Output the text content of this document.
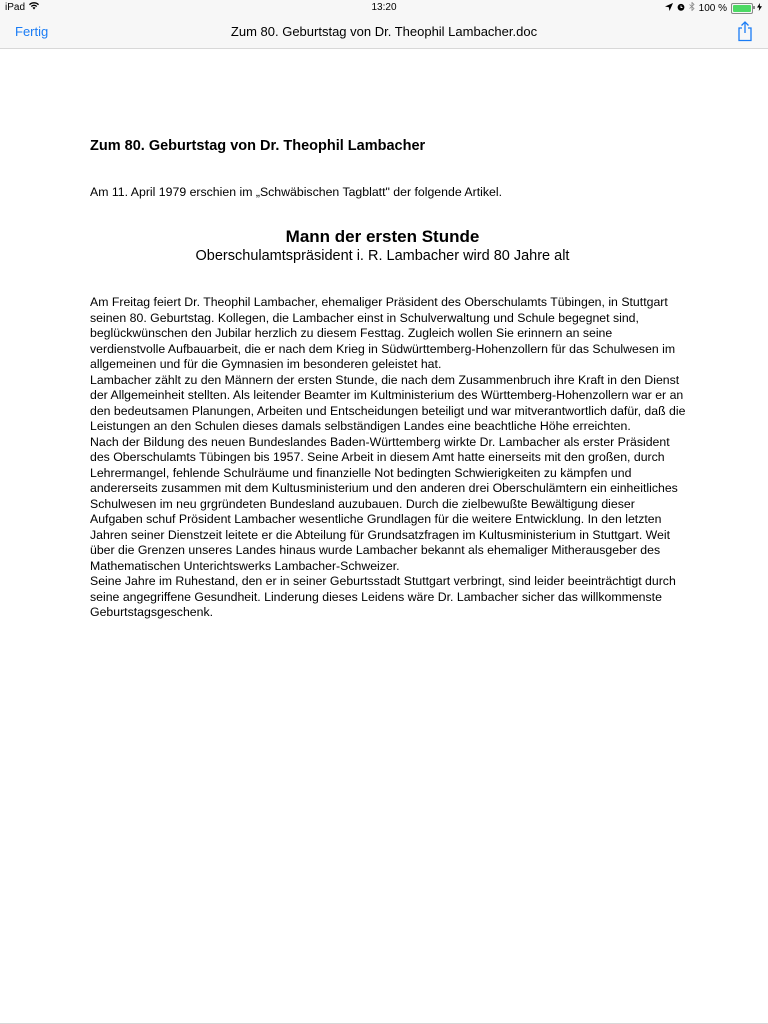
iPad	13:20	100 %
Fertig	Zum 80. Geburtstag von Dr. Theophil Lambacher.doc

Zum 80. Geburtstag von Dr. Theophil Lambacher

Am 11. April 1979 erschien im „Schwäbischen Tagblatt" der folgende Artikel.

Mann der ersten Stunde

Oberschulamtspräsident i. R. Lambacher wird 80 Jahre alt

Am Freitag feiert Dr. Theophil Lambacher, ehemaliger Präsident des Oberschulamts Tübingen, in Stuttgart seinen 80. Geburtstag. Kollegen, die Lambacher einst in Schulverwaltung und Schule begegnet sind, beglückwünschen den Jubilar herzlich zu diesem Festtag. Zugleich wollen Sie erinnern an seine verdienstvolle Aufbauarbeit, die er nach dem Krieg in Südwürttemberg-Hohenzollern für das Schulwesen im allgemeinen und für die Gymnasien im besonderen geleistet hat.

Lambacher zählt zu den Männern der ersten Stunde, die nach dem Zusammenbruch ihre Kraft in den Dienst der Allgemeinheit stellten. Als leitender Beamter im Kultministerium des Württemberg-Hohenzollern war er an den bedeutsamen Planungen, Arbeiten und Entscheidungen beteiligt und war mitverantwortlich dafür, daß die Leistungen an den Schulen dieses damals selbständigen Landes eine beachtliche Höhe erreichten.

Nach der Bildung des neuen Bundeslandes Baden-Württemberg wirkte Dr. Lambacher als erster Präsident des Oberschulamts Tübingen bis 1957. Seine Arbeit in diesem Amt hatte einerseits mit den großen, durch Lehrermangel, fehlende Schulräume und finanzielle Not bedingten Schwierigkeiten zu kämpfen und andererseits zusammen mit dem Kultusministerium und den anderen drei Oberschulämtern ein einheitliches Schulwesen im neu grgründeten Bundesland auzubauen. Durch die zielbewußte Bewältigung dieser Aufgaben schuf Prösident Lambacher wesentliche Grundlagen für die weitere Entwicklung. In den letzten Jahren seiner Dienstzeit leitete er die Abteilung für Grundsatzfragen im Kultusministerium in Stuttgart. Weit über die Grenzen unseres Landes hinaus wurde Lambacher bekannt als ehemaliger Mitherausgeber des Mathematischen Unterichtswerks Lambacher-Schweizer.

Seine Jahre im Ruhestand, den er in seiner Geburtsstadt Stuttgart verbringt, sind leider beeinträchtigt durch seine angegriffene Gesundheit. Linderung dieses Leidens wäre Dr. Lambacher sicher das willkommenste Geburtstagsgeschenk.
